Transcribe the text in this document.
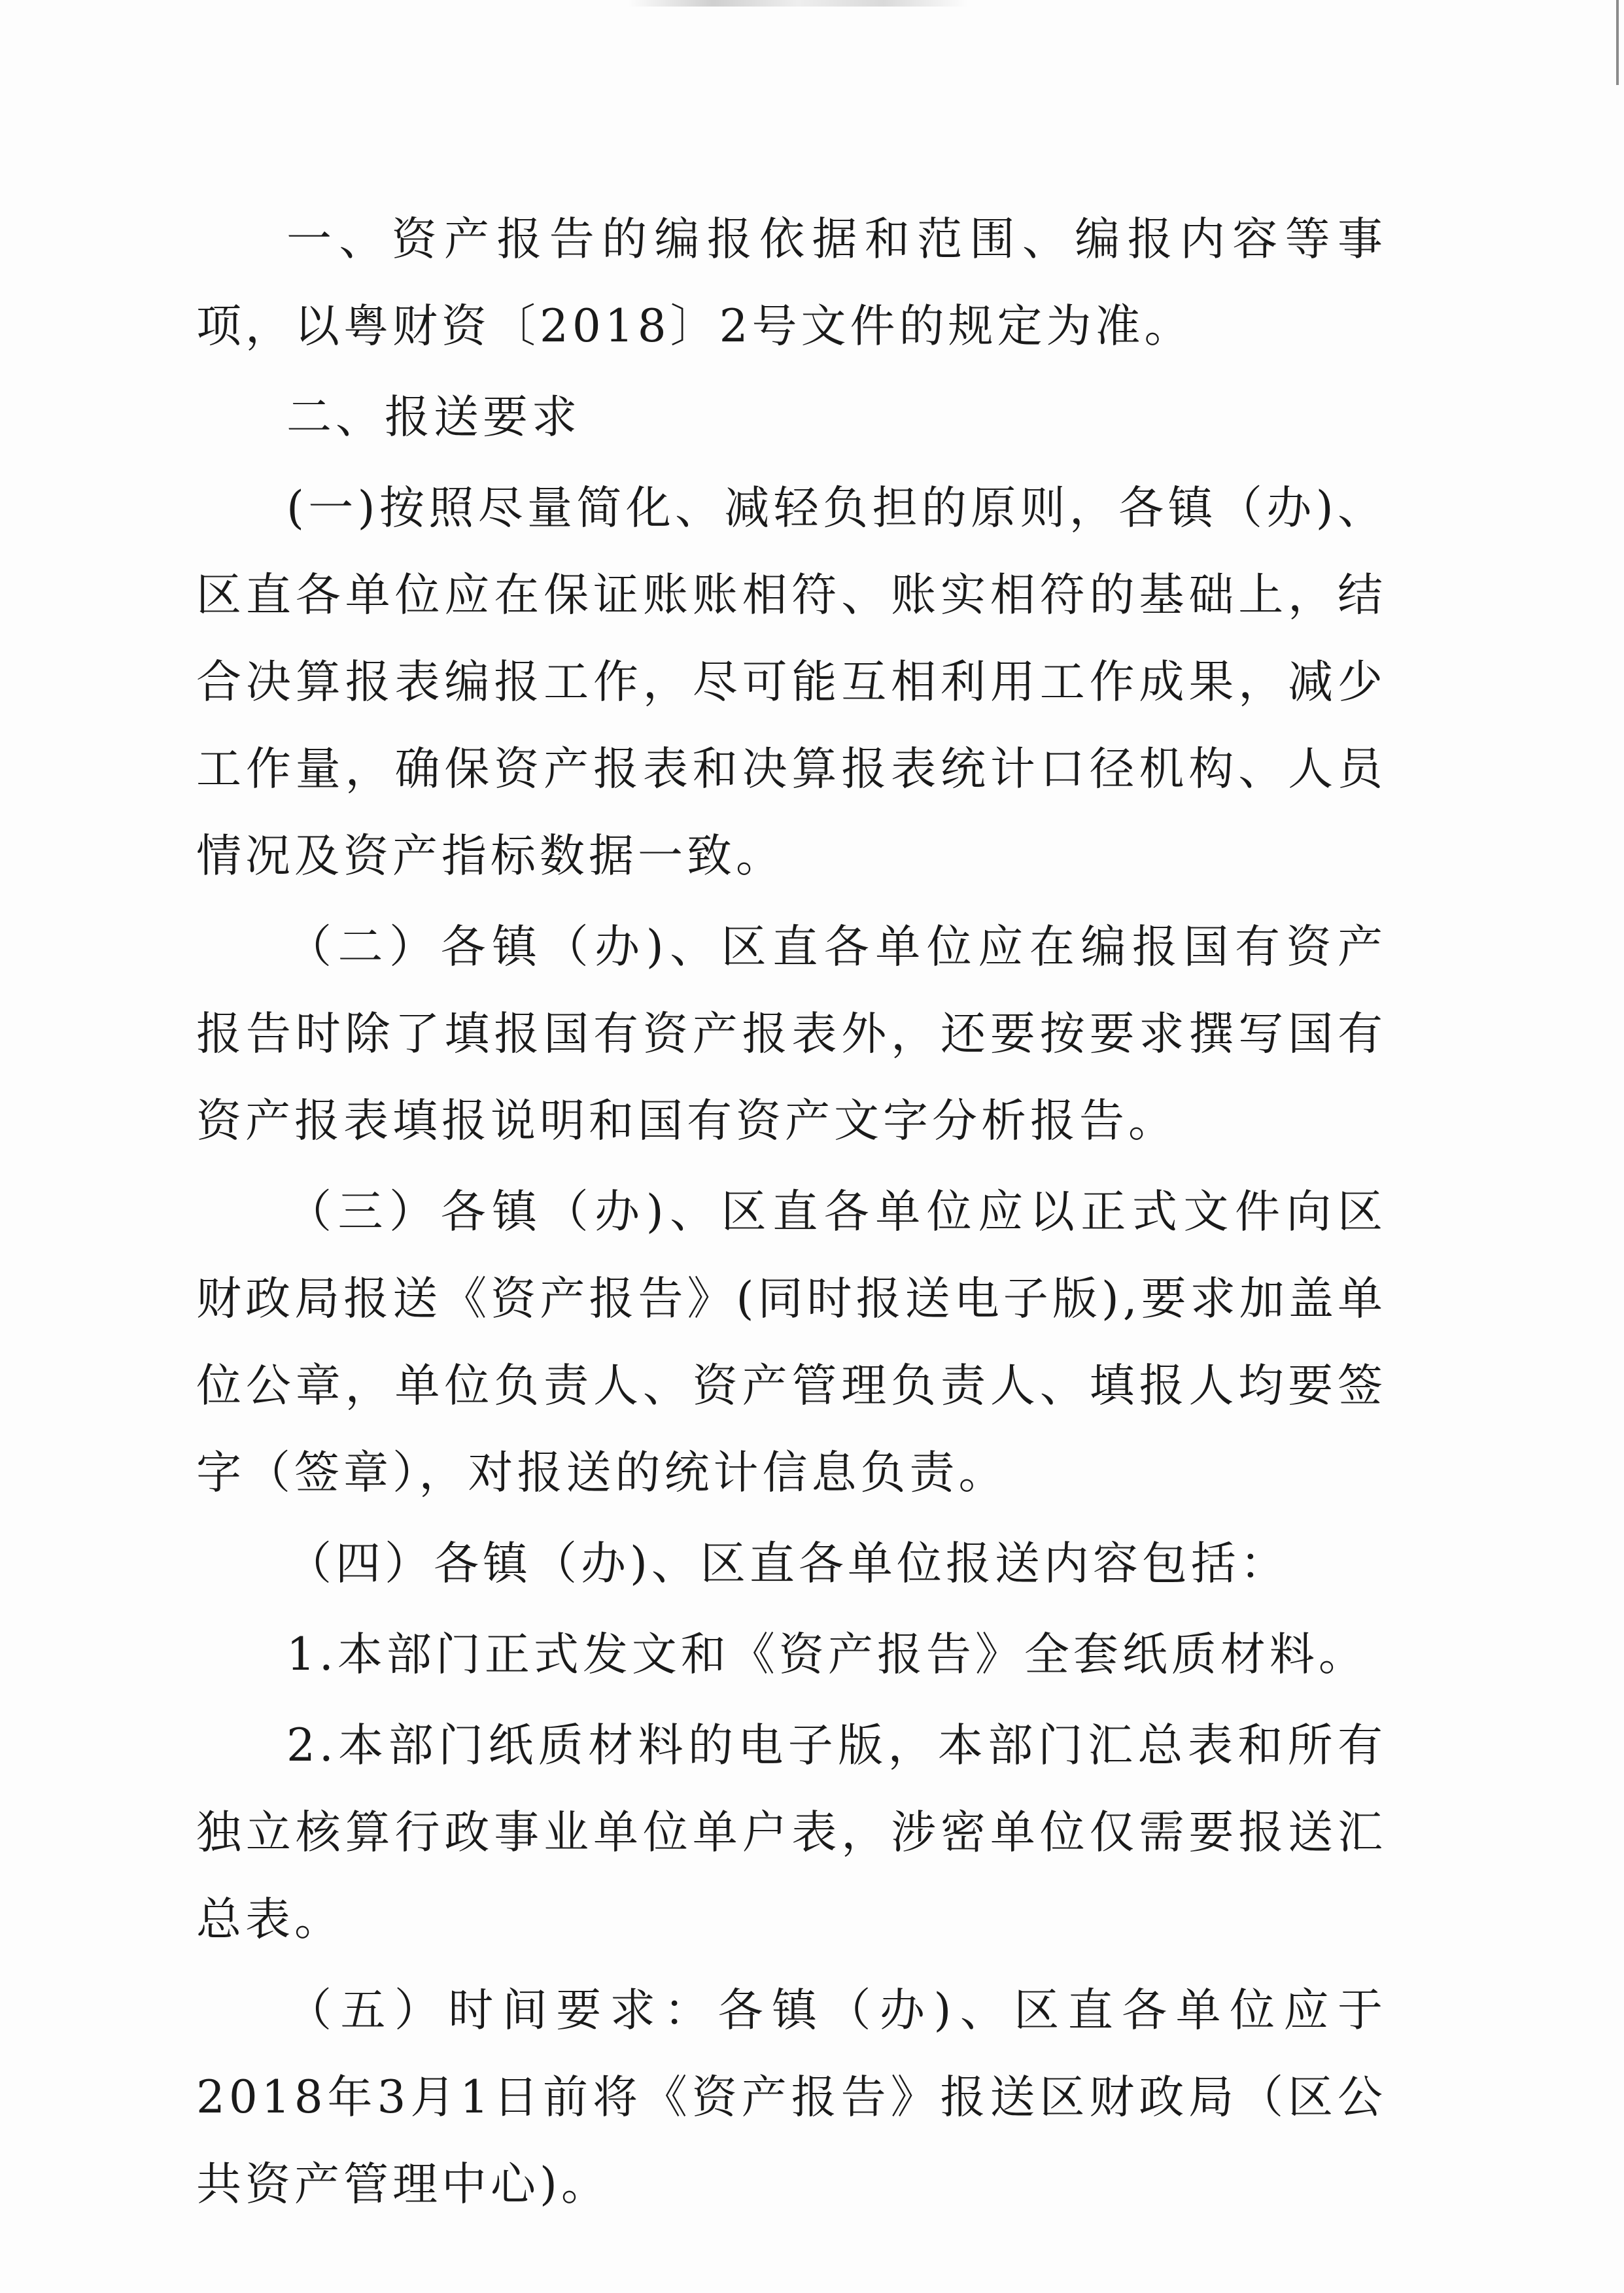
一、资产报告的编报依据和范围、编报内容等事项，以粤财资〔2018〕2号文件的规定为准。

二、报送要求

(一)按照尽量简化、减轻负担的原则，各镇（办)、区直各单位应在保证账账相符、账实相符的基础上，结合决算报表编报工作，尽可能互相利用工作成果，减少工作量，确保资产报表和决算报表统计口径机构、人员情况及资产指标数据一致。

（二）各镇（办)、区直各单位应在编报国有资产报告时除了填报国有资产报表外，还要按要求撰写国有资产报表填报说明和国有资产文字分析报告。

（三）各镇（办)、区直各单位应以正式文件向区财政局报送《资产报告》(同时报送电子版),要求加盖单位公章，单位负责人、资产管理负责人、填报人均要签字（签章），对报送的统计信息负责。

（四）各镇（办)、区直各单位报送内容包括：

1.本部门正式发文和《资产报告》全套纸质材料。

2.本部门纸质材料的电子版，本部门汇总表和所有独立核算行政事业单位单户表，涉密单位仅需要报送汇总表。

（五）时间要求：各镇（办)、区直各单位应于2018年3月1日前将《资产报告》报送区财政局（区公共资产管理中心)。
